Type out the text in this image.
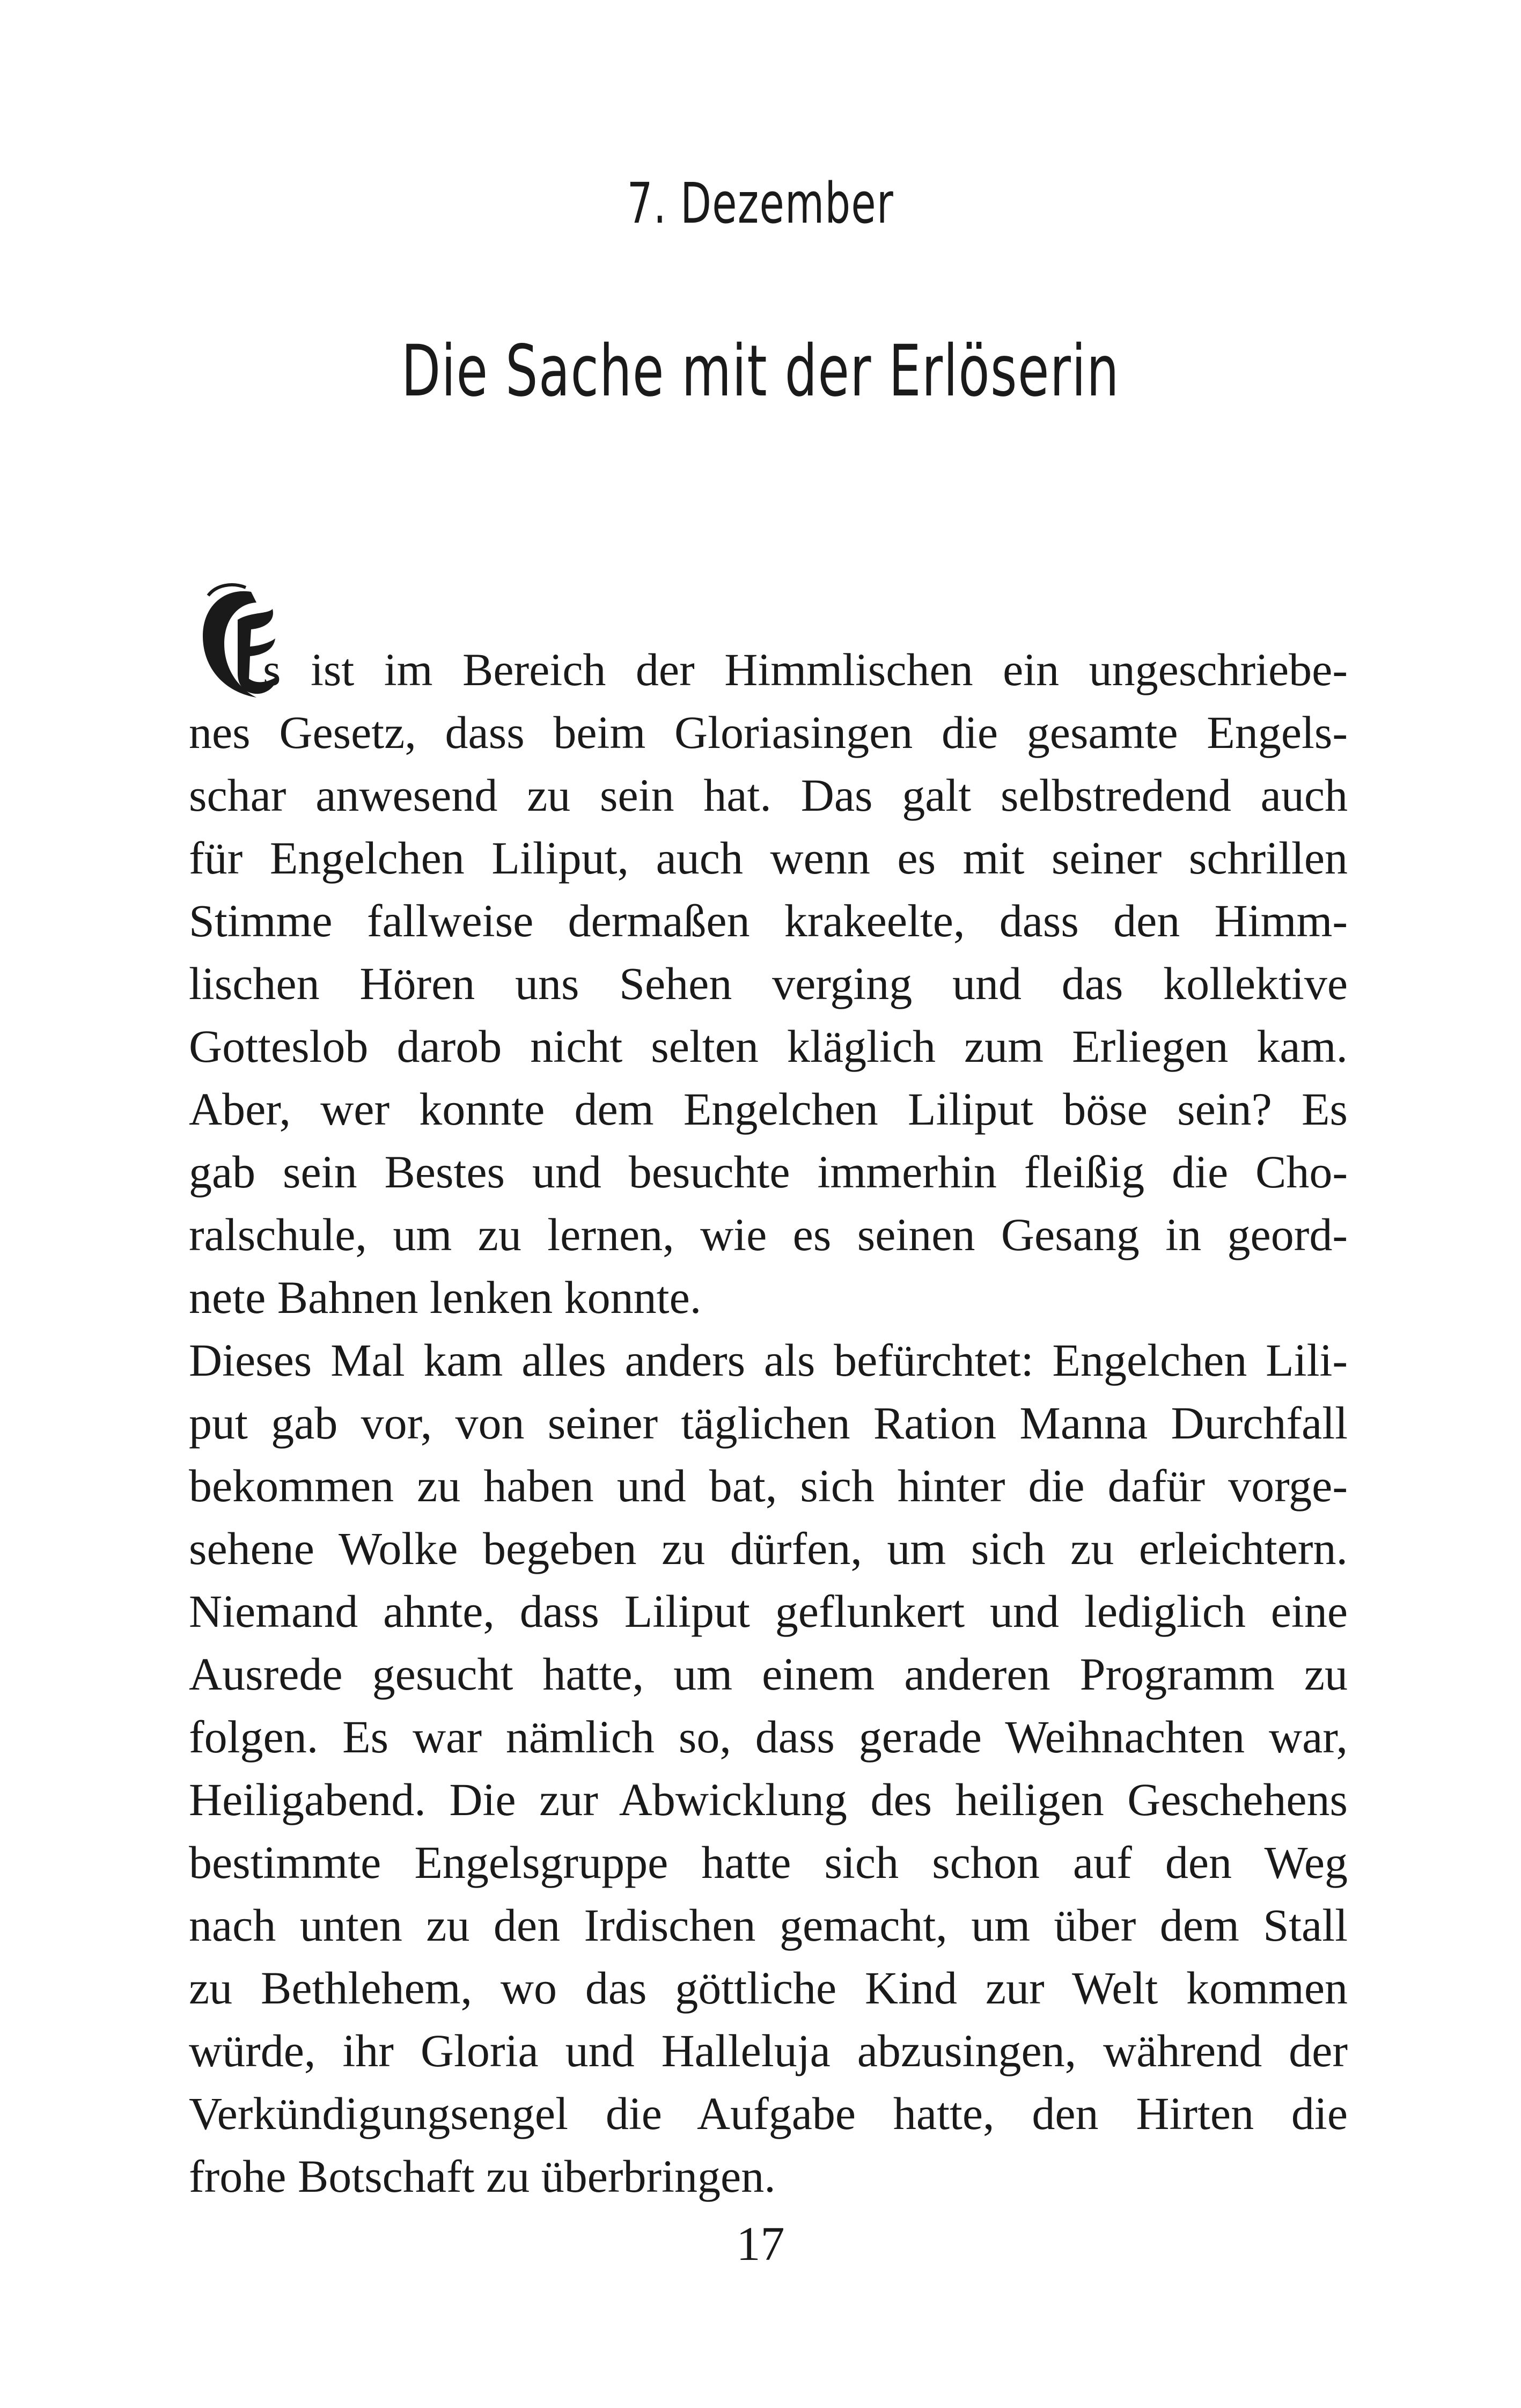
7. Dezember
Die Sache mit der Erlöserin
s ist im Bereich der Himmlischen ein ungeschriebe-
nes Gesetz, dass beim Gloriasingen die gesamte Engels-
schar anwesend zu sein hat. Das galt selbstredend auch
für Engelchen Liliput, auch wenn es mit seiner schrillen
Stimme fallweise dermaßen krakeelte, dass den Himm-
lischen Hören uns Sehen verging und das kollektive
Gotteslob darob nicht selten kläglich zum Erliegen kam.
Aber, wer konnte dem Engelchen Liliput böse sein? Es
gab sein Bestes und besuchte immerhin fleißig die Cho-
ralschule, um zu lernen, wie es seinen Gesang in geord-
nete Bahnen lenken konnte.
Dieses Mal kam alles anders als befürchtet: Engelchen Lili-
put gab vor, von seiner täglichen Ration Manna Durchfall
bekommen zu haben und bat, sich hinter die dafür vorge-
sehene Wolke begeben zu dürfen, um sich zu erleichtern.
Niemand ahnte, dass Liliput geflunkert und lediglich eine
Ausrede gesucht hatte, um einem anderen Programm zu
folgen. Es war nämlich so, dass gerade Weihnachten war,
Heiligabend. Die zur Abwicklung des heiligen Geschehens
bestimmte Engelsgruppe hatte sich schon auf den Weg
nach unten zu den Irdischen gemacht, um über dem Stall
zu Bethlehem, wo das göttliche Kind zur Welt kommen
würde, ihr Gloria und Halleluja abzusingen, während der
Verkündigungsengel die Aufgabe hatte, den Hirten die
frohe Botschaft zu überbringen.
17
